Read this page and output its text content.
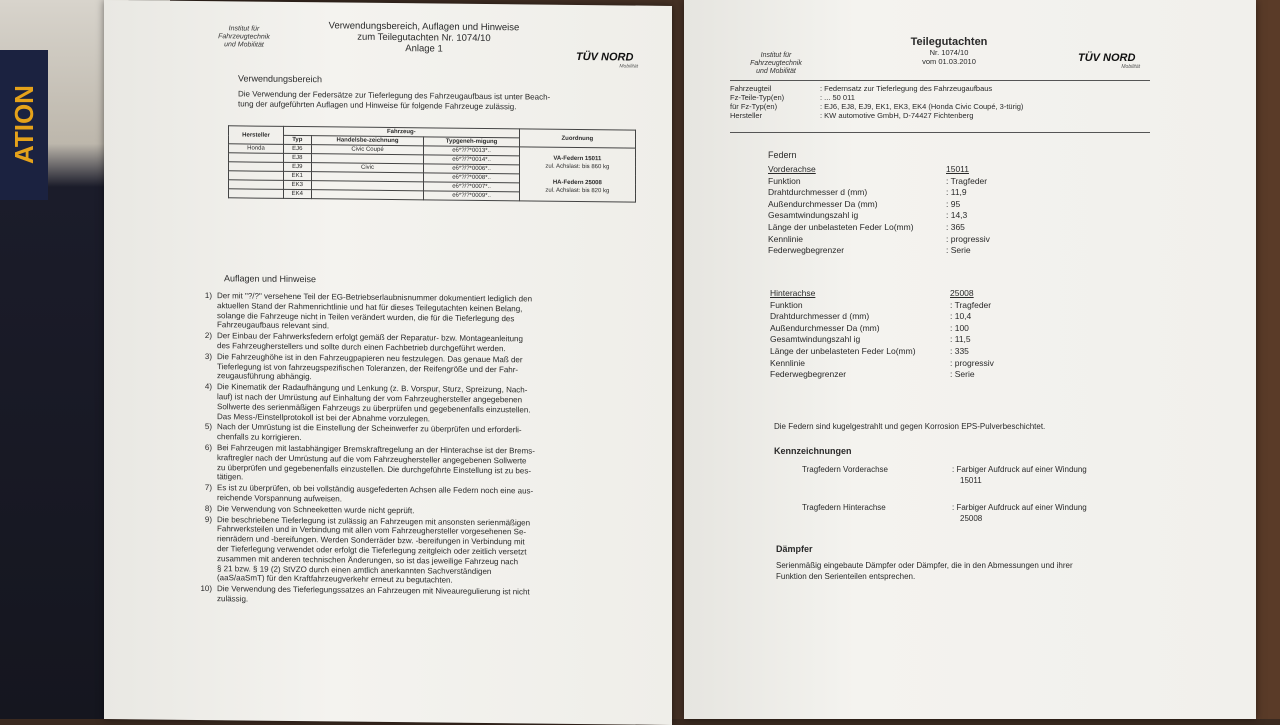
ATION
Institut für
Fahrzeugtechnik
und Mobilität
Verwendungsbereich, Auflagen und Hinweise
zum Teilegutachten Nr. 1074/10
Anlage 1
TÜV NORD
Mobilität
Verwendungsbereich
Die Verwendung der Federsätze zur Tieferlegung des Fahrzeugaufbaus ist unter Beach-
tung der aufgeführten Auflagen und Hinweise für folgende Fahrzeuge zulässig.
Hersteller	Fahrzeug-			Zuordnung
	Typ	Handelsbe-zeichnung	Typgeneh-migung	
Honda	EJ6	Civic Coupé	e6*?/?*0013*..	VA-Federn 15011
zul. Achslast: bis 860 kg

HA-Federn 25008
zul. Achslast: bis 820 kg
	EJ8		e6*?/?*0014*..	
	EJ9	Civic	e6*?/?*0006*..	
	EK1		e6*?/?*0008*..	
	EK3		e6*?/?*0007*..	
	EK4		e6*?/?*0009*..	
Auflagen und Hinweise
1) Der mit "?/?" versehene Teil der EG-Betriebserlaubnisnummer dokumentiert lediglich den
aktuellen Stand der Rahmenrichtlinie und hat für dieses Teilegutachten keinen Belang,
solange die Fahrzeuge nicht in Teilen verändert wurden, die für die Tieferlegung des
Fahrzeugaufbaus relevant sind.
2) Der Einbau der Fahrwerksfedern erfolgt gemäß der Reparatur- bzw. Montageanleitung
des Fahrzeugherstellers und sollte durch einen Fachbetrieb durchgeführt werden.
3) Die Fahrzeughöhe ist in den Fahrzeugpapieren neu festzulegen. Das genaue Maß der
Tieferlegung ist von fahrzeugspezifischen Toleranzen, der Reifengröße und der Fahr-
zeugausführung abhängig.
4) Die Kinematik der Radaufhängung und Lenkung (z. B. Vorspur, Sturz, Spreizung, Nach-
lauf) ist nach der Umrüstung auf Einhaltung der vom Fahrzeughersteller angegebenen
Sollwerte des serienmäßigen Fahrzeugs zu überprüfen und gegebenenfalls einzustellen.
Das Mess-/Einstellprotokoll ist bei der Abnahme vorzulegen.
5) Nach der Umrüstung ist die Einstellung der Scheinwerfer zu überprüfen und erforderli-
chenfalls zu korrigieren.
6) Bei Fahrzeugen mit lastabhängiger Bremskraftregelung an der Hinterachse ist der Brems-
kraftregler nach der Umrüstung auf die vom Fahrzeughersteller angegebenen Sollwerte
zu überprüfen und gegebenenfalls einzustellen. Die durchgeführte Einstellung ist zu bes-
tätigen.
7) Es ist zu überprüfen, ob bei vollständig ausgefederten Achsen alle Federn noch eine aus-
reichende Vorspannung aufweisen.
8) Die Verwendung von Schneeketten wurde nicht geprüft.
9) Die beschriebene Tieferlegung ist zulässig an Fahrzeugen mit ansonsten serienmäßigen
Fahrwerksteilen und in Verbindung mit allen vom Fahrzeughersteller vorgesehenen Se-
rienrädern und -bereifungen. Werden Sonderräder bzw. -bereifungen in Verbindung mit
der Tieferlegung verwendet oder erfolgt die Tieferlegung zeitgleich oder zeitlich versetzt
zusammen mit anderen technischen Änderungen, so ist das jeweilige Fahrzeug nach
§ 21 bzw. § 19 (2) StVZO durch einen amtlich anerkannten Sachverständigen
(aaS/aaSmT) für den Kraftfahrzeugverkehr erneut zu begutachten.
10) Die Verwendung des Tieferlegungssatzes an Fahrzeugen mit Niveauregulierung ist nicht
zulässig.
Institut für
Fahrzeugtechnik
und Mobilität
Teilegutachten
Nr. 1074/10
vom 01.03.2010	TÜV NORD
Mobilität
Fahrzeugteil	: Federnsatz zur Tieferlegung des Fahrzeugaufbaus
Fz-Teile-Typ(en)	: ... 50 011
für Fz-Typ(en)	: EJ6, EJ8, EJ9, EK1, EK3, EK4 (Honda Civic Coupé, 3-türig)
Hersteller	: KW automotive GmbH, D-74427 Fichtenberg
Federn
Vorderachse	15011
Funktion	: Tragfeder
Drahtdurchmesser d (mm)	: 11,9
Außendurchmesser Da (mm)	: 95
Gesamtwindungszahl ig	: 14,3
Länge der unbelasteten Feder Lo(mm)	: 365
Kennlinie	: progressiv
Federwegbegrenzer	: Serie
Hinterachse	25008
Funktion	: Tragfeder
Drahtdurchmesser d (mm)	: 10,4
Außendurchmesser Da (mm)	: 100
Gesamtwindungszahl ig	: 11,5
Länge der unbelasteten Feder Lo(mm)	: 335
Kennlinie	: progressiv
Federwegbegrenzer	: Serie
Die Federn sind kugelgestrahlt und gegen Korrosion EPS-Pulverbeschichtet.
Kennzeichnungen
Tragfedern Vorderachse	: Farbiger Aufdruck auf einer Windung
15011
Tragfedern Hinterachse	: Farbiger Aufdruck auf einer Windung
25008
Dämpfer
Serienmäßig eingebaute Dämpfer oder Dämpfer, die in den Abmessungen und ihrer
Funktion den Serienteilen entsprechen.
